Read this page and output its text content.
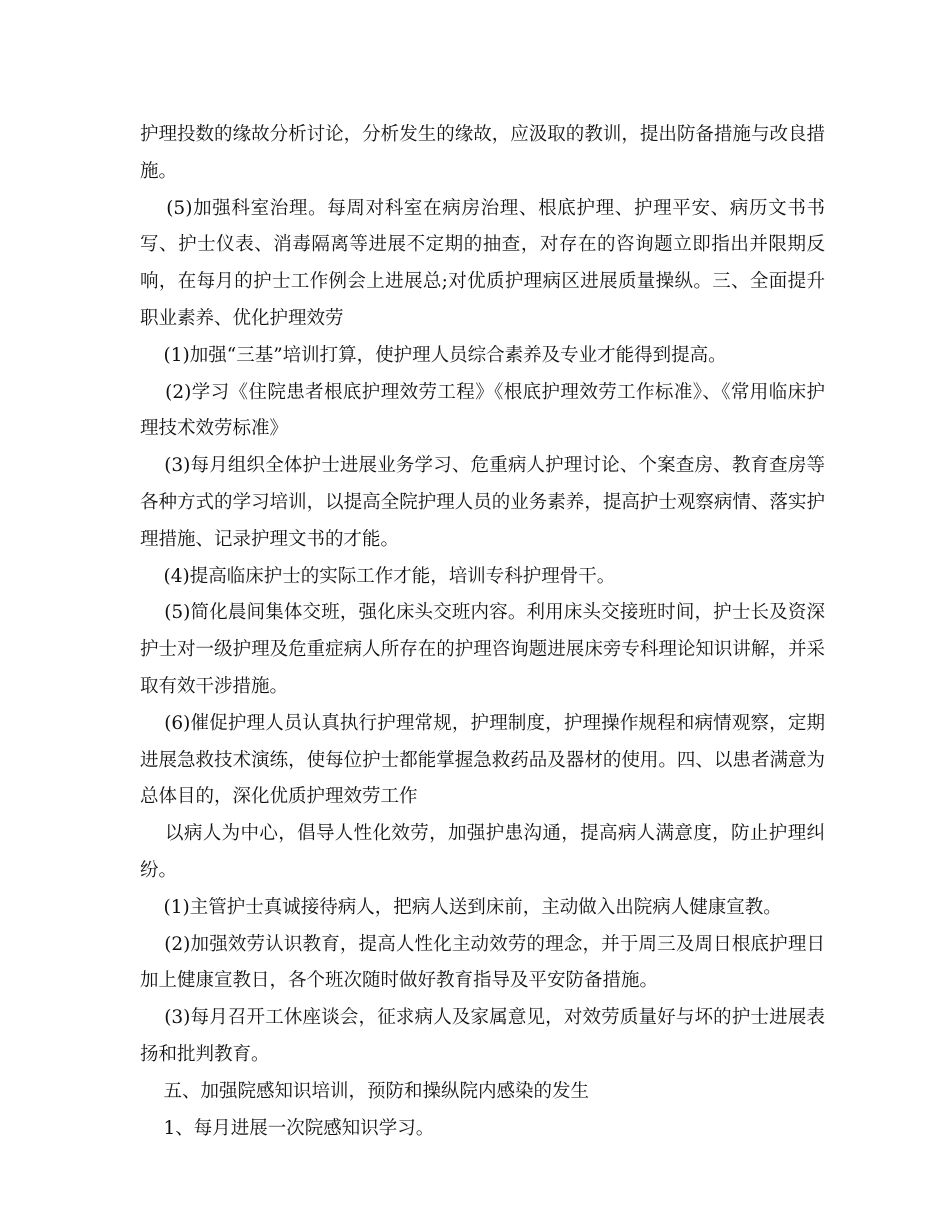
护理投数的缘故分析讨论，分析发生的缘故，应汲取的教训，提出防备措施与改良措施。

(5)加强科室治理。每周对科室在病房治理、根底护理、护理平安、病历文书书写、护士仪表、消毒隔离等进展不定期的抽查，对存在的咨询题立即指出并限期反响，在每月的护士工作例会上进展总;对优质护理病区进展质量操纵。三、全面提升职业素养、优化护理效劳

(1)加强“三基”培训打算，使护理人员综合素养及专业才能得到提高。

(2)学习《住院患者根底护理效劳工程》《根底护理效劳工作标准》、《常用临床护理技术效劳标准》

(3)每月组织全体护士进展业务学习、危重病人护理讨论、个案查房、教育查房等各种方式的学习培训，以提高全院护理人员的业务素养，提高护士观察病情、落实护理措施、记录护理文书的才能。

(4)提高临床护士的实际工作才能，培训专科护理骨干。

(5)简化晨间集体交班，强化床头交班内容。利用床头交接班时间，护士长及资深护士对一级护理及危重症病人所存在的护理咨询题进展床旁专科理论知识讲解，并采取有效干涉措施。

(6)催促护理人员认真执行护理常规，护理制度，护理操作规程和病情观察，定期进展急救技术演练，使每位护士都能掌握急救药品及器材的使用。四、以患者满意为总体目的，深化优质护理效劳工作

以病人为中心，倡导人性化效劳，加强护患沟通，提高病人满意度，防止护理纠纷。

(1)主管护士真诚接待病人，把病人送到床前，主动做入出院病人健康宣教。

(2)加强效劳认识教育，提高人性化主动效劳的理念，并于周三及周日根底护理日加上健康宣教日，各个班次随时做好教育指导及平安防备措施。

(3)每月召开工休座谈会，征求病人及家属意见，对效劳质量好与坏的护士进展表扬和批判教育。

五、加强院感知识培训，预防和操纵院内感染的发生

1、每月进展一次院感知识学习。
